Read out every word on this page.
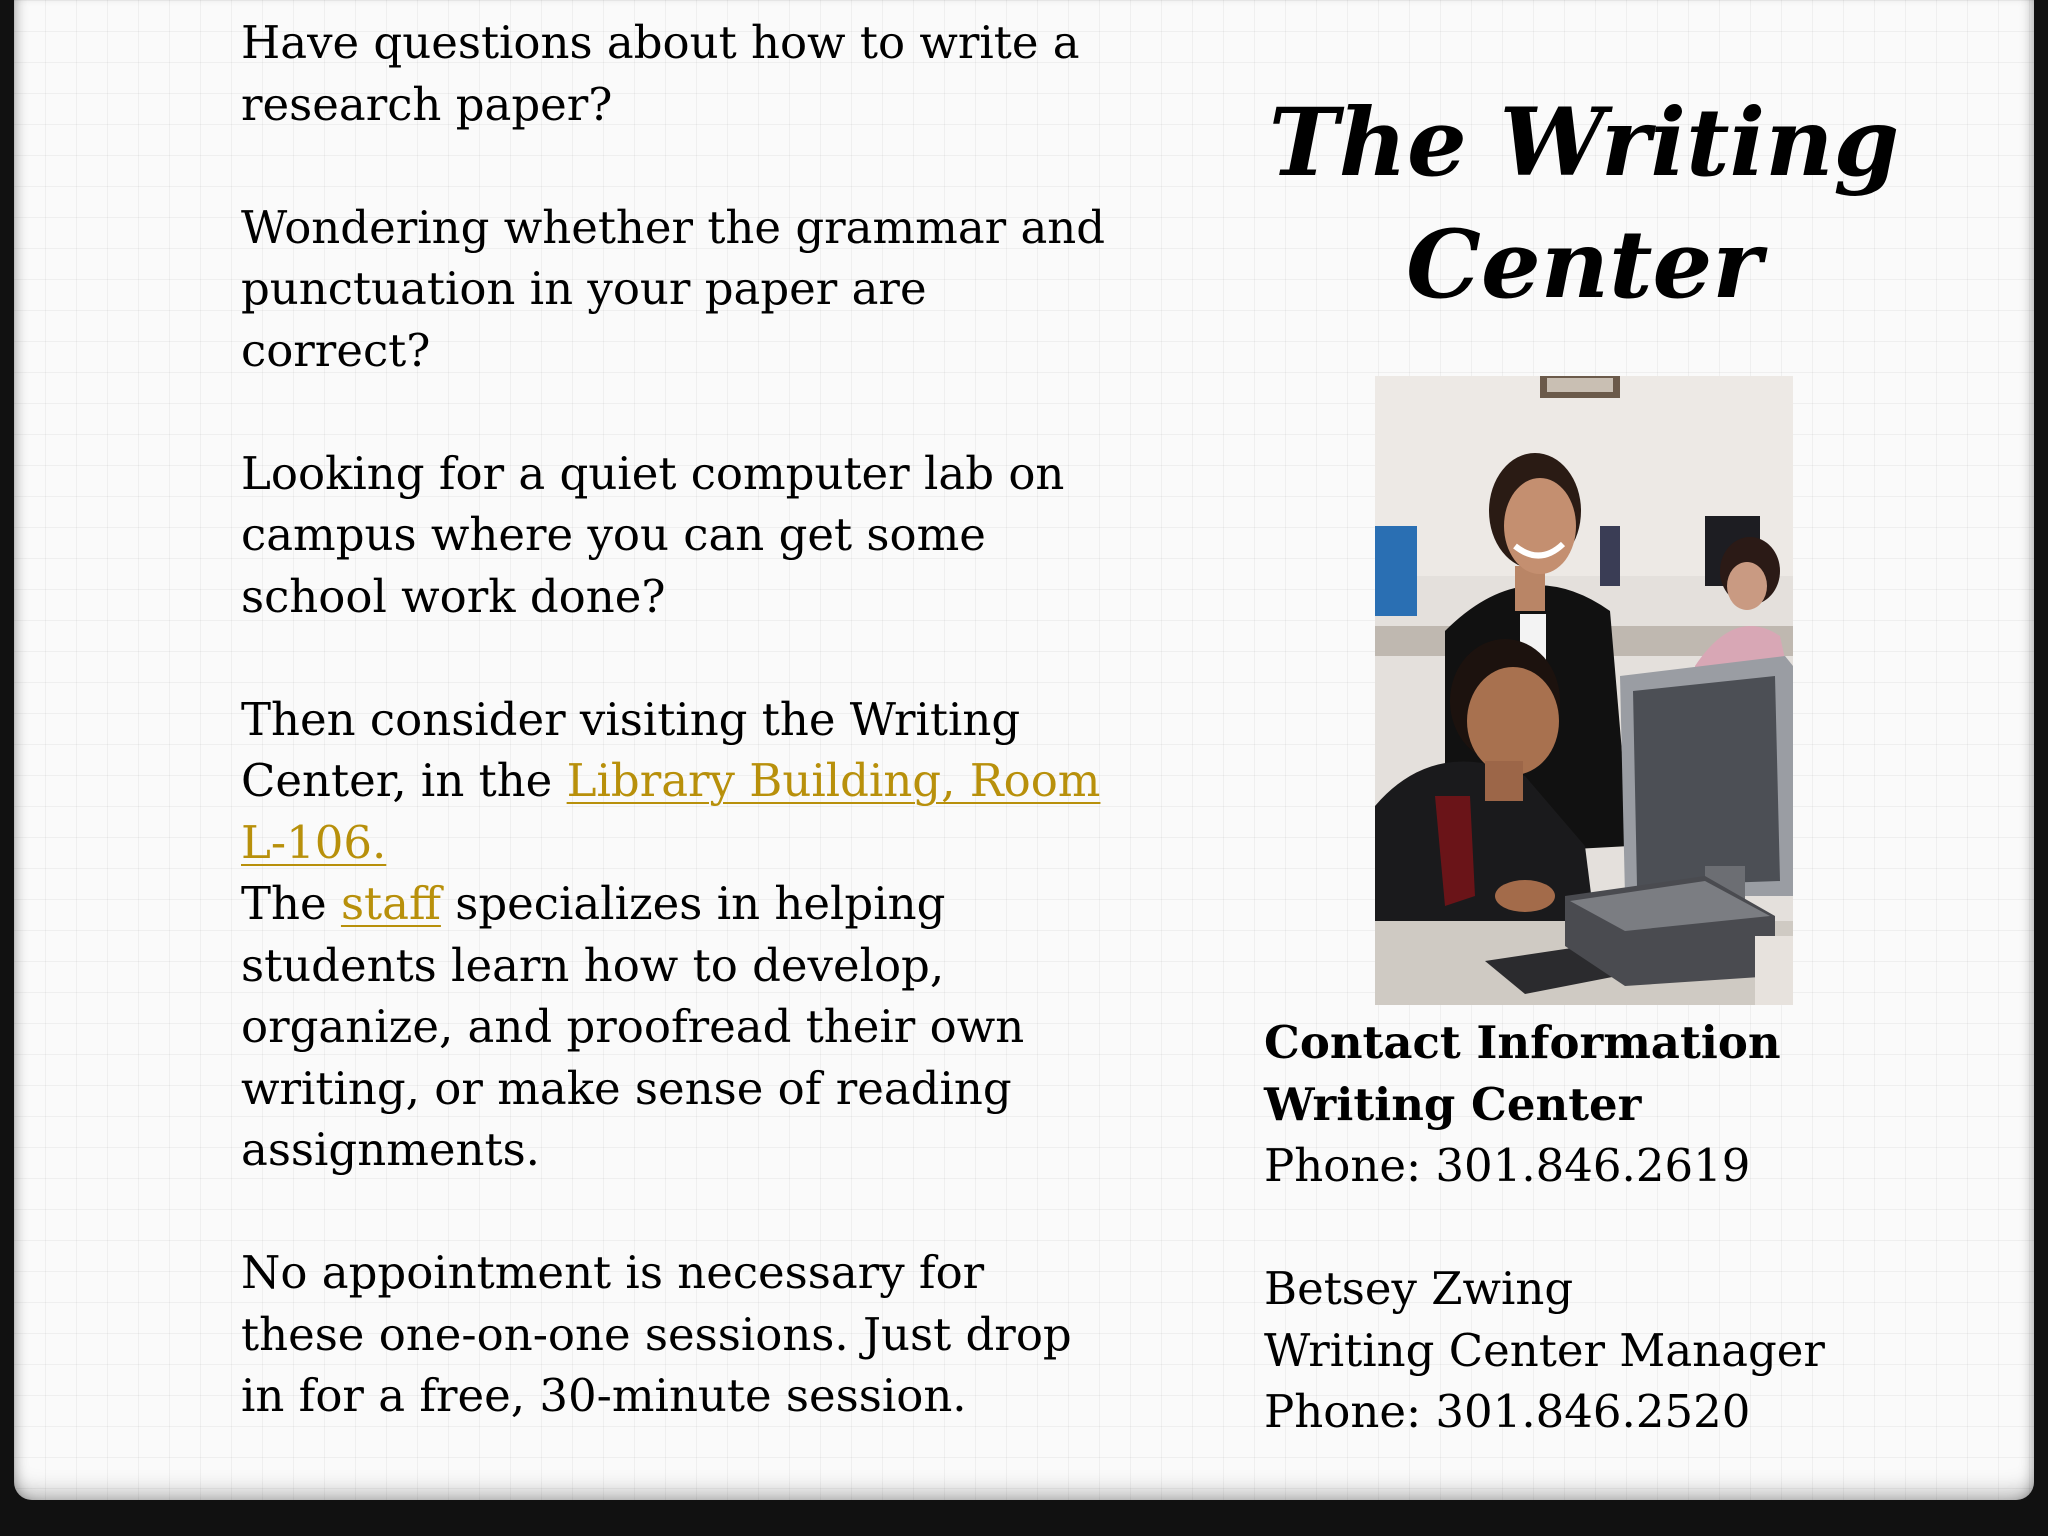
Have questions about how to write a research paper?

Wondering whether the grammar and punctuation in your paper are correct?

Looking for a quiet computer lab on campus where you can get some school work done?

Then consider visiting the Writing Center, in the Library Building, Room L-106.

The staff specializes in helping students learn how to develop, organize, and proofread their own writing, or make sense of reading assignments.

No appointment is necessary for these one-on-one sessions. Just drop in for a free, 30-minute session.

The Writing
Center

Contact Information

Writing Center

Phone: 301.846.2619

Betsey Zwing

Writing Center Manager

Phone: 301.846.2520
